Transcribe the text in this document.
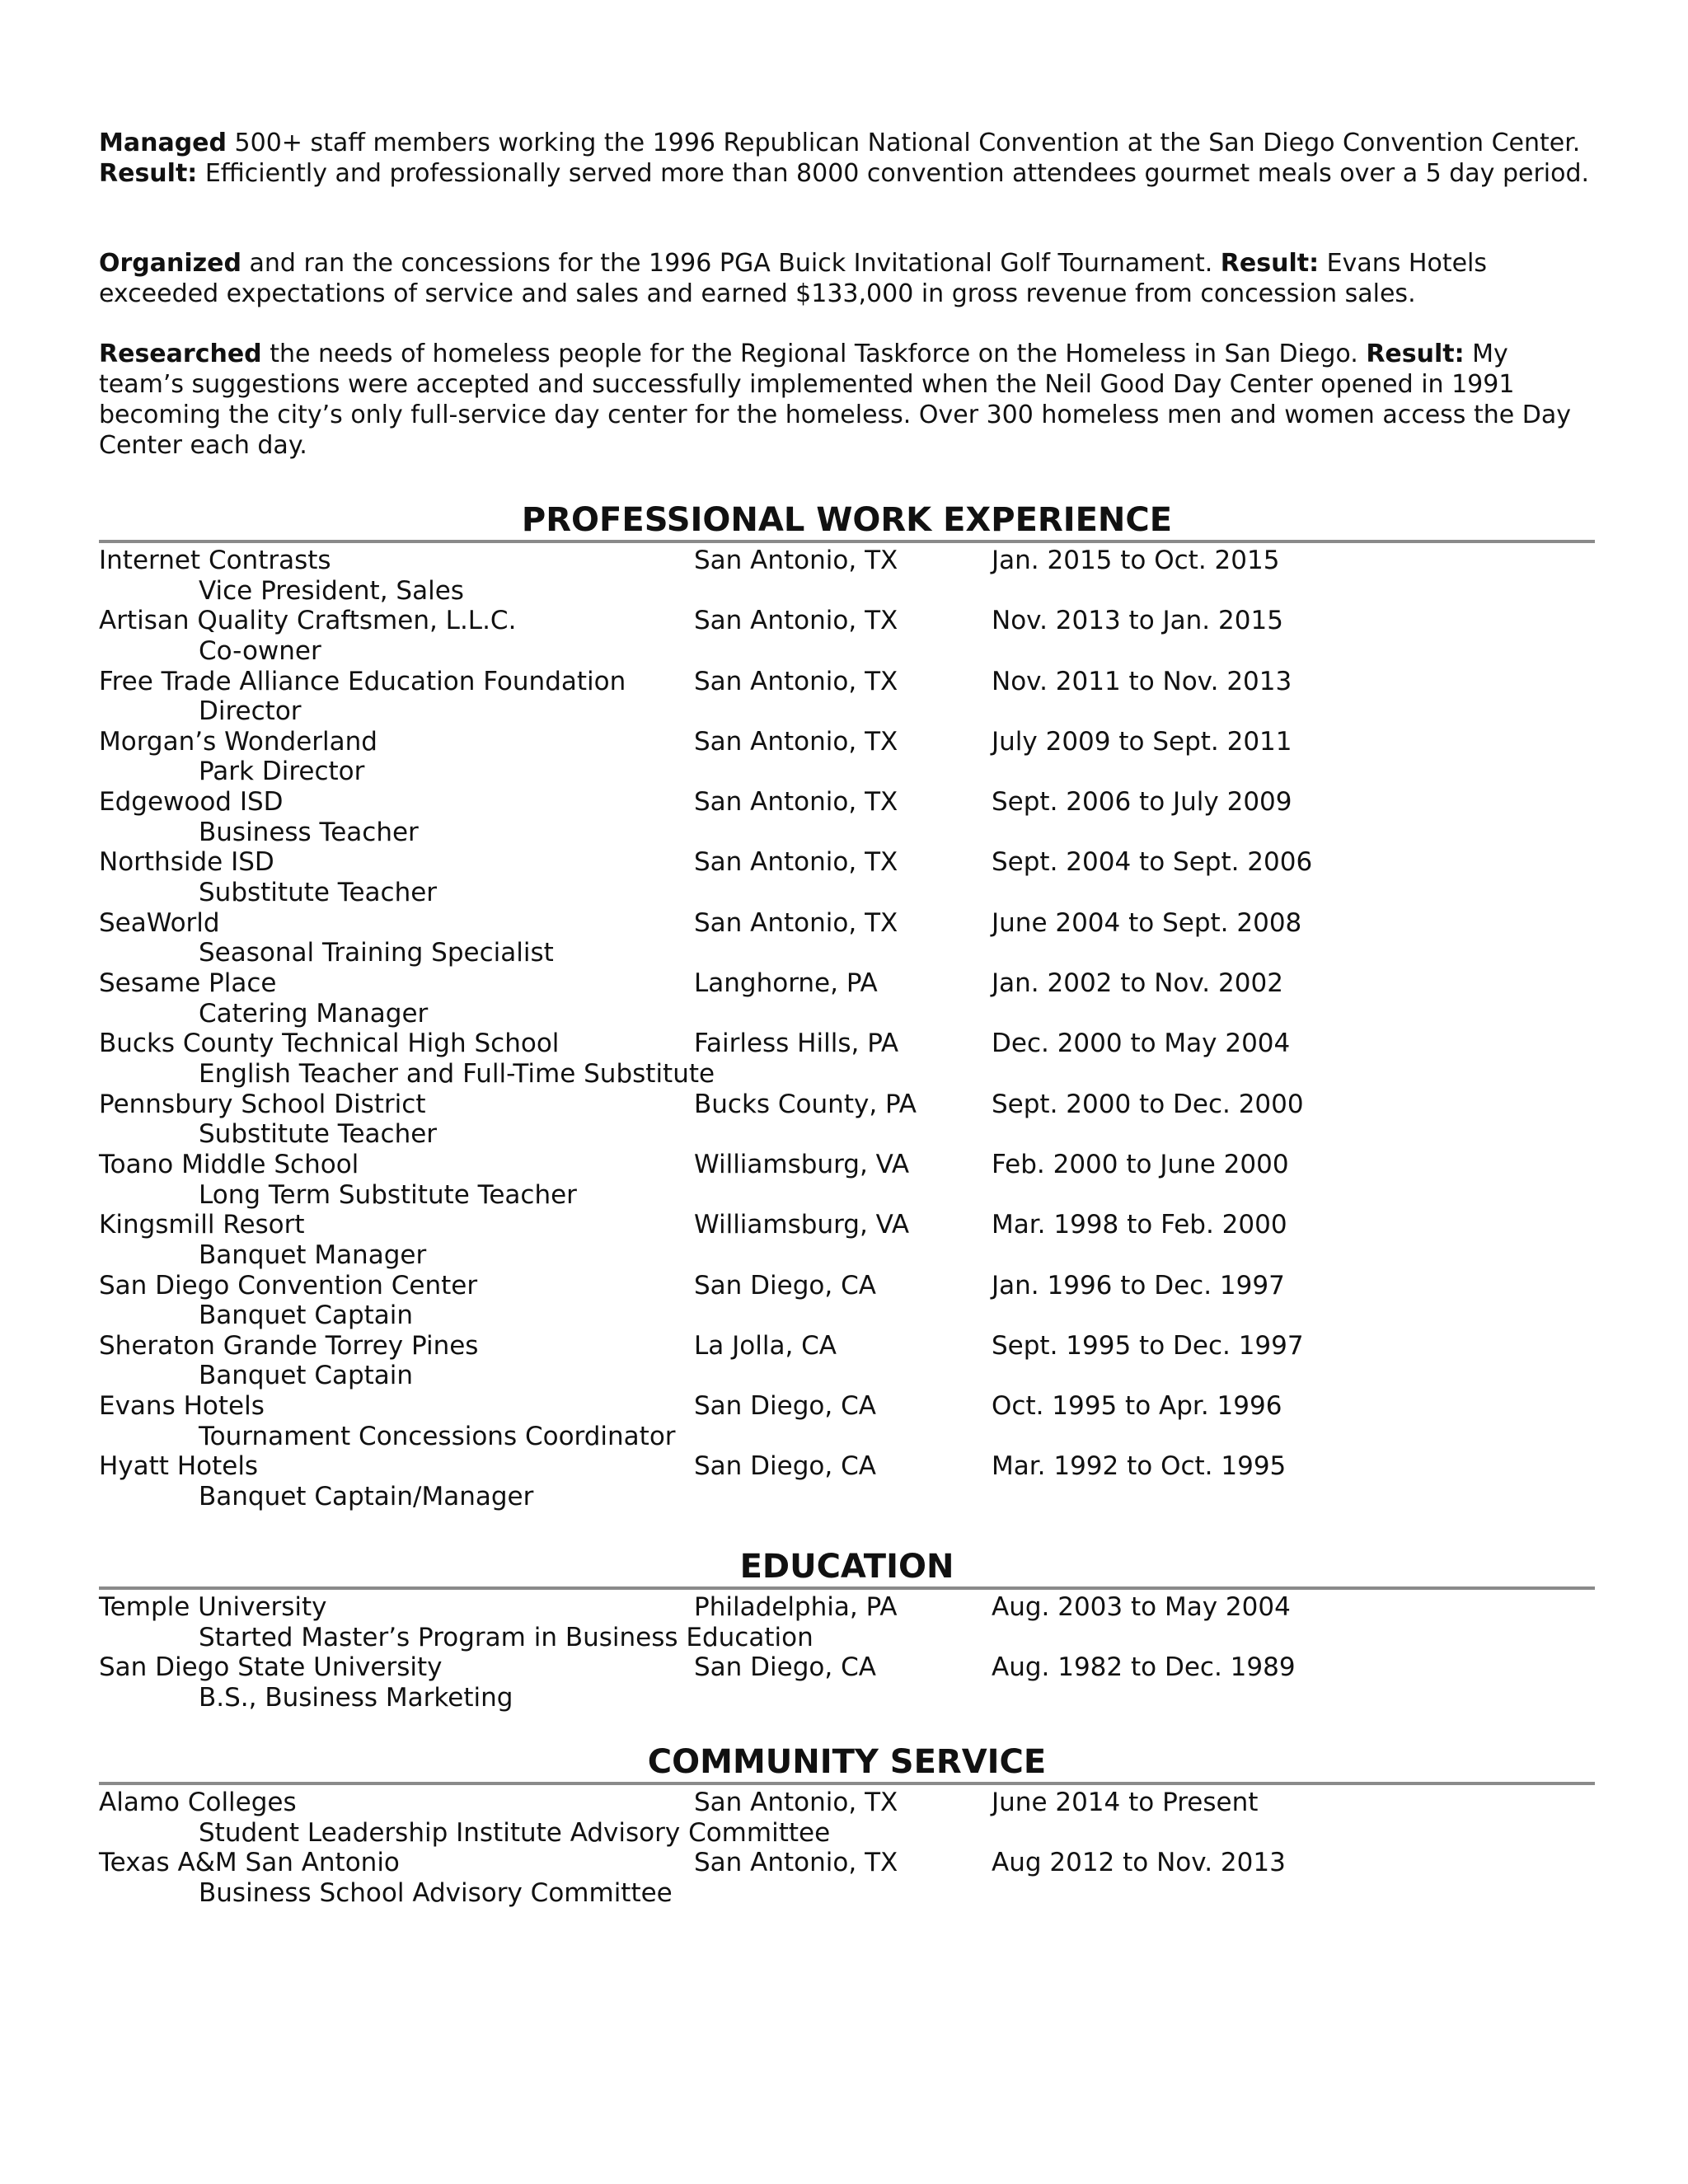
Managed 500+ staff members working the 1996 Republican National Convention at the San Diego Convention Center. Result: Efficiently and professionally served more than 8000 convention attendees gourmet meals over a 5 day period.

Organized and ran the concessions for the 1996 PGA Buick Invitational Golf Tournament. Result: Evans Hotels exceeded expectations of service and sales and earned $133,000 in gross revenue from concession sales.

Researched the needs of homeless people for the Regional Taskforce on the Homeless in San Diego. Result: My team’s suggestions were accepted and successfully implemented when the Neil Good Day Center opened in 1991 becoming the city’s only full-service day center for the homeless. Over 300 homeless men and women access the Day Center each day.

PROFESSIONAL WORK EXPERIENCE
Internet Contrasts	San Antonio, TX	Jan. 2015 to Oct. 2015
Vice President, Sales
Artisan Quality Craftsmen, L.L.C.	San Antonio, TX	Nov. 2013 to Jan. 2015
Co-owner
Free Trade Alliance Education Foundation	San Antonio, TX	Nov. 2011 to Nov. 2013
Director
Morgan’s Wonderland	San Antonio, TX	July 2009 to Sept. 2011
Park Director
Edgewood ISD	San Antonio, TX	Sept. 2006 to July 2009
Business Teacher
Northside ISD	San Antonio, TX	Sept. 2004 to Sept. 2006
Substitute Teacher
SeaWorld	San Antonio, TX	June 2004 to Sept. 2008
Seasonal Training Specialist
Sesame Place	Langhorne, PA	Jan. 2002 to Nov. 2002
Catering Manager
Bucks County Technical High School	Fairless Hills, PA	Dec. 2000 to May 2004
English Teacher and Full-Time Substitute
Pennsbury School District	Bucks County, PA	Sept. 2000 to Dec. 2000
Substitute Teacher
Toano Middle School	Williamsburg, VA	Feb. 2000 to June 2000
Long Term Substitute Teacher
Kingsmill Resort	Williamsburg, VA	Mar. 1998 to Feb. 2000
Banquet Manager
San Diego Convention Center	San Diego, CA	Jan. 1996 to Dec. 1997
Banquet Captain
Sheraton Grande Torrey Pines	La Jolla, CA	Sept. 1995 to Dec. 1997
Banquet Captain
Evans Hotels	San Diego, CA	Oct. 1995 to Apr. 1996
Tournament Concessions Coordinator
Hyatt Hotels	San Diego, CA	Mar. 1992 to Oct. 1995
Banquet Captain/Manager
EDUCATION
Temple University	Philadelphia, PA	Aug. 2003 to May 2004
Started Master’s Program in Business Education
San Diego State University	San Diego, CA	Aug. 1982 to Dec. 1989
B.S., Business Marketing
COMMUNITY SERVICE
Alamo Colleges	San Antonio, TX	June 2014 to Present
Student Leadership Institute Advisory Committee
Texas A&M San Antonio	San Antonio, TX	Aug 2012 to Nov. 2013
Business School Advisory Committee
